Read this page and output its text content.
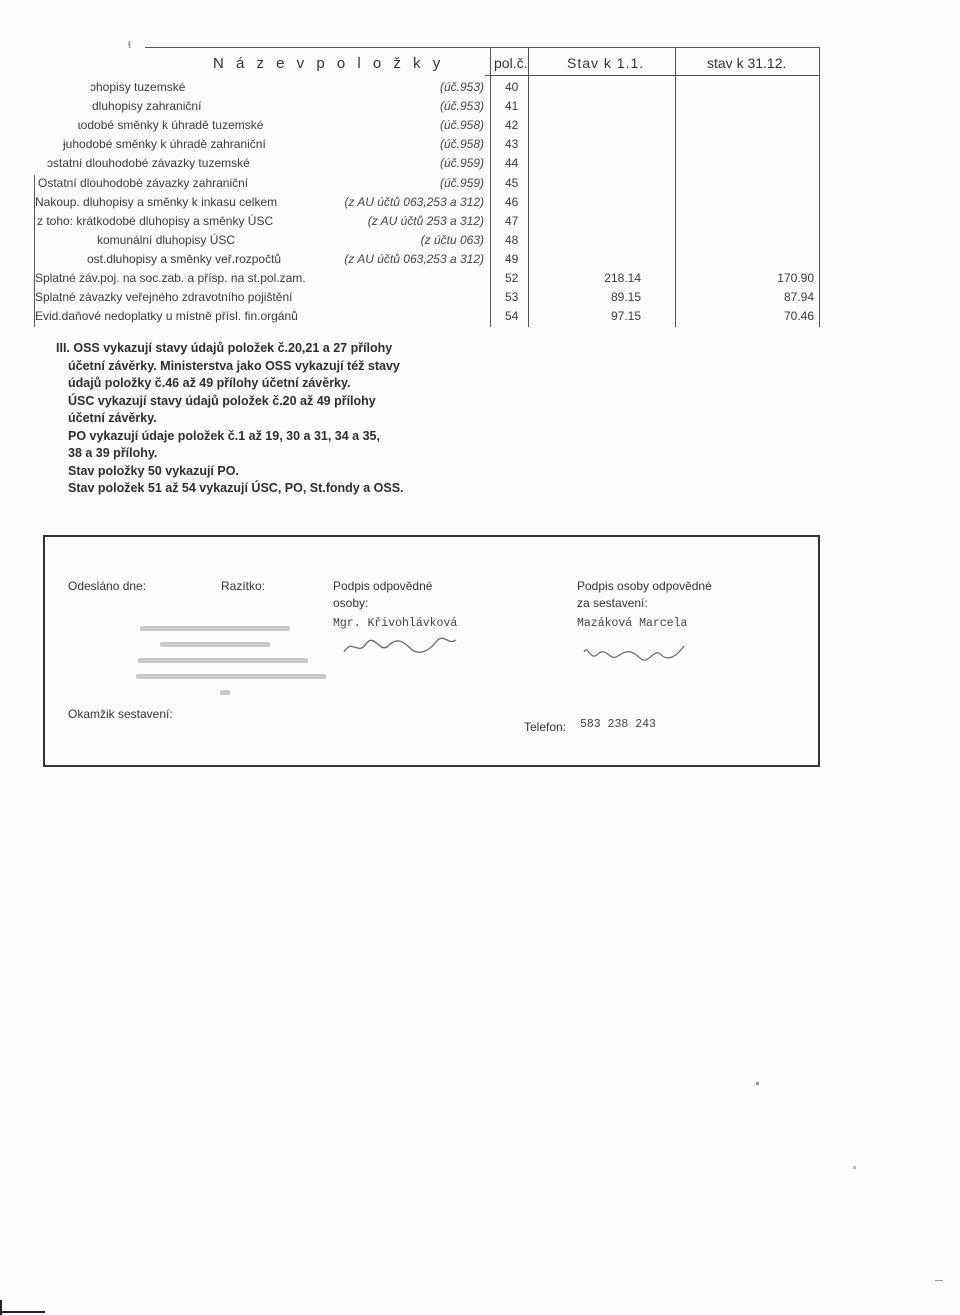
ŧ
N á z e v p o l o ž k y	pol.č.	Stav k 1.1.	stav k 31.12.
ɔhopisy tuzemské	(úč.953) 40
dluhopisy zahraniční	(úč.953) 41
ɩodobé směnky k úhradě tuzemské	(úč.958) 42
ɉuhodobé směnky k úhradě zahraniční	(úč.958) 43
ɔstatní dlouhodobé závazky tuzemské	(úč.959) 44
Ostatní dlouhodobé závazky zahraniční	(úč.959) 45
Nakoup. dluhopisy a směnky k inkasu celkem	(z AU účtů 063,253 a 312) 46
z toho: krátkodobé dluhopisy a směnky ÚSC	(z AU účtů 253 a 312) 47
komunální dluhopisy ÚSC	(z účtu 063) 48
ost.dluhopisy a směnky veř.rozpočtů	(z AU účtů 063,253 a 312) 49
Splatné záv.poj. na soc.zab. a přísp. na st.pol.zam.	52	218.14	170.90
Splatné závazky veřejného zdravotního pojištění	53	89.15	87.94
Evid.daňové nedoplatky u místně přísl. fin.orgánů	54	97.15	70.46
III. OSS vykazují stavy údajů položek č.20,21 a 27 přílohy
účetní závěrky. Ministerstva jako OSS vykazují též stavy
údajů položky č.46 až 49 přílohy účetní závěrky.
ÚSC vykazují stavy údajů položek č.20 až 49 přílohy
účetní závěrky.
PO vykazují údaje položek č.1 až 19, 30 a 31, 34 a 35,
38 a 39 přílohy.
Stav položky 50 vykazují PO.
Stav položek 51 až 54 vykazují ÚSC, PO, St.fondy a OSS.
Odesláno dne:	Razítko:	Podpis odpovědné
osoby:
Mgr. Křivohlávková
Podpis osoby odpovědné
za sestavení:
Mazáková Marcela
Okamžik sestavení:
Telefon: 583 238 243
